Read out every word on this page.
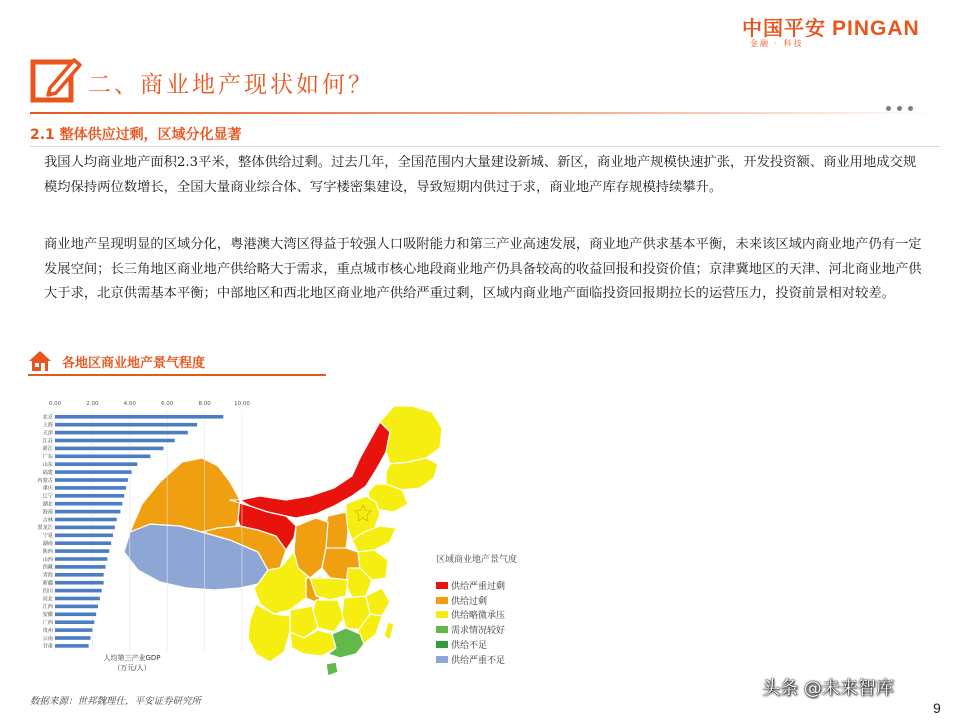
中国平安 PINGAN
金融 · 科技
二、商业地产现状如何？
2.1 整体供应过剩，区域分化显著
我国人均商业地产面积2.3平米，整体供给过剩。过去几年，全国范围内大量建设新城、新区，商业地产规模快速扩张，开发投资额、商业用地成交规模均保持两位数增长，全国大量商业综合体、写字楼密集建设，导致短期内供过于求，商业地产库存规模持续攀升。
商业地产呈现明显的区域分化，粤港澳大湾区得益于较强人口吸附能力和第三产业高速发展，商业地产供求基本平衡，未来该区域内商业地产仍有一定发展空间；长三角地区商业地产供给略大于需求，重点城市核心地段商业地产仍具备较高的收益回报和投资价值；京津冀地区的天津、河北商业地产供大于求，北京供需基本平衡；中部地区和西北地区商业地产供给严重过剩，区域内商业地产面临投资回报期拉长的运营压力，投资前景相对较差。
各地区商业地产景气程度
0.00	2.00	4.00	6.00	8.00	10.00
北京
上海
天津
江苏
浙江
广东
山东
福建
内蒙古
重庆
辽宁
湖北
海南
吉林
黑龙江
宁夏
湖南
陕西
山西
西藏
青海
新疆
四川
河北
江西
安徽
广西
贵州
云南
甘肃
人均第三产业GDP
（万元/人）
区域商业地产景气度
供给严重过剩
供给过剩
供给略微承压
需求情况较好
供给不足
供给严重不足
数据来源：世邦魏理仕，平安证券研究所
头条 @未来智库
9
